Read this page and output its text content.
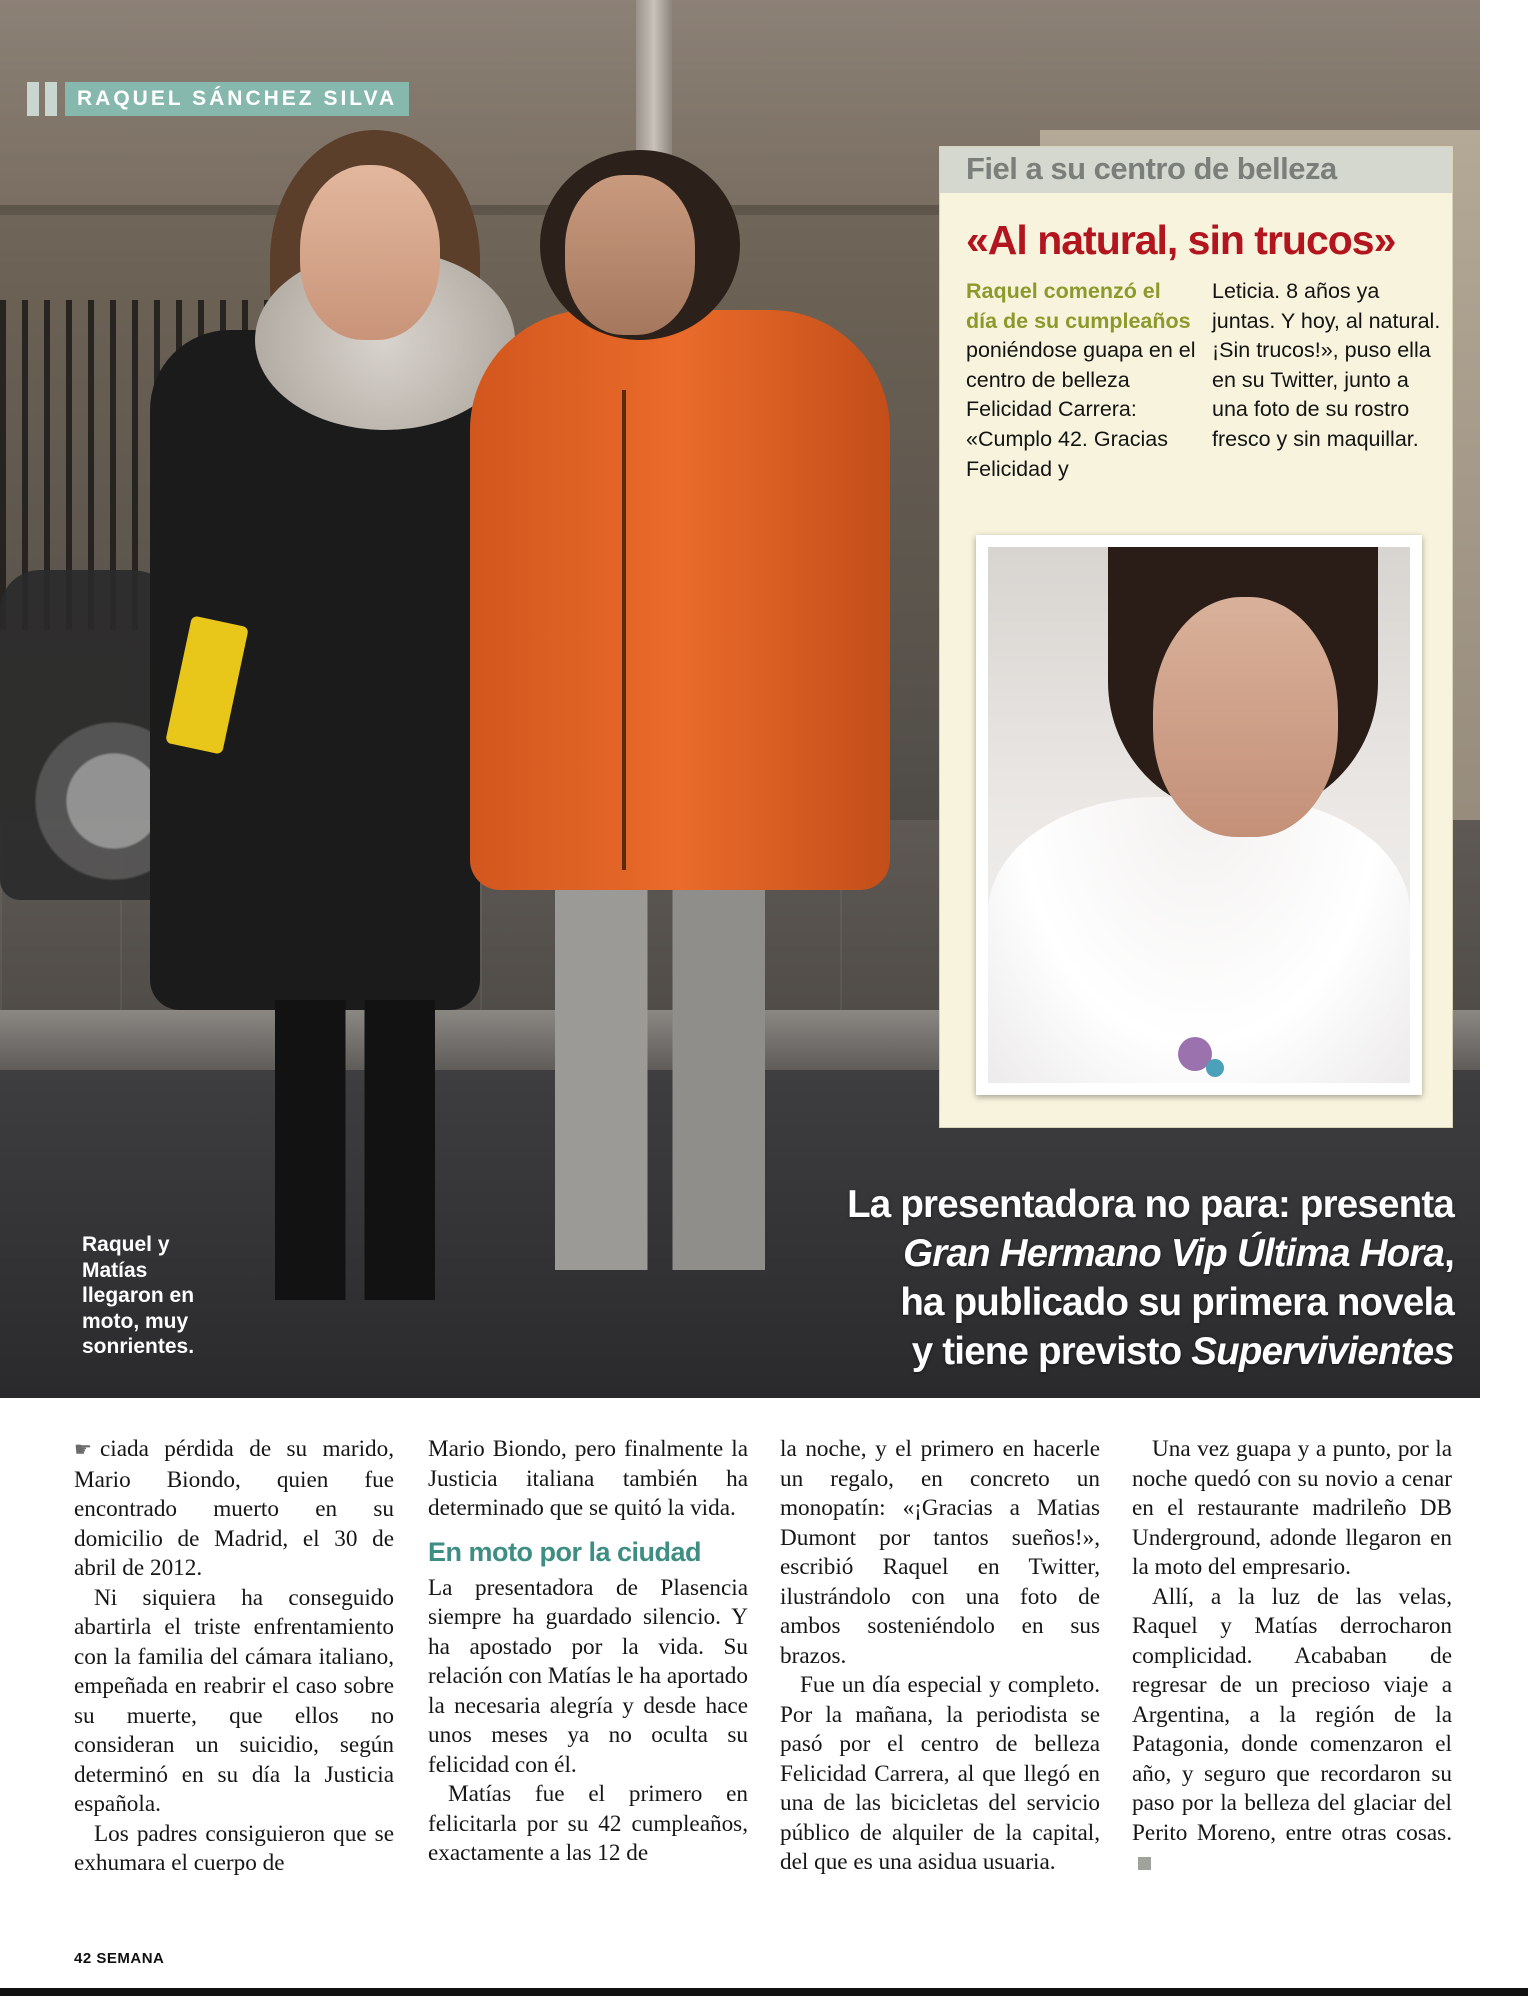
RAQUEL SÁNCHEZ SILVA
Raquel y Matías llegaron en moto, muy sonrientes.
La presentadora no para: presenta
Gran Hermano Vip Última Hora,
ha publicado su primera novela
y tiene previsto Supervivientes
Fiel a su centro de belleza
«Al natural, sin trucos»
Raquel comenzó el día de su cumpleaños poniéndose guapa en el centro de belleza Felicidad Carrera: «Cumplo 42. Gracias Felicidad y
Leticia. 8 años ya juntas. Y hoy, al natural. ¡Sin trucos!», puso ella en su Twitter, junto a una foto de su rostro fresco y sin maquillar.

☛ ciada pérdida de su marido, Mario Biondo, quien fue encontrado muerto en su domicilio de Madrid, el 30 de abril de 2012.

Ni siquiera ha conseguido abartirla el triste enfrentamiento con la familia del cámara italiano, empeñada en reabrir el caso sobre su muerte, que ellos no consideran un suicidio, según determinó en su día la Justicia española.

Los padres consiguieron que se exhumara el cuerpo de

Mario Biondo, pero finalmente la Justicia italiana también ha determinado que se quitó la vida.

En moto por la ciudad

La presentadora de Plasencia siempre ha guardado silencio. Y ha apostado por la vida. Su relación con Matías le ha aportado la necesaria alegría y desde hace unos meses ya no oculta su felicidad con él.

Matías fue el primero en felicitarla por su 42 cumpleaños, exactamente a las 12 de

la noche, y el primero en hacerle un regalo, en concreto un monopatín: «¡Gracias a Matias Dumont por tantos sueños!», escribió Raquel en Twitter, ilustrándolo con una foto de ambos sosteniéndolo en sus brazos.

Fue un día especial y completo. Por la mañana, la periodista se pasó por el centro de belleza Felicidad Carrera, al que llegó en una de las bicicletas del servicio público de alquiler de la capital, del que es una asidua usuaria.

Una vez guapa y a punto, por la noche quedó con su novio a cenar en el restaurante madrileño DB Underground, adonde llegaron en la moto del empresario.

Allí, a la luz de las velas, Raquel y Matías derrocharon complicidad. Acababan de regresar de un precioso viaje a Argentina, a la región de la Patagonia, donde comenzaron el año, y seguro que recordaron su paso por la belleza del glaciar del Perito Moreno, entre otras cosas.

42 SEMANA
